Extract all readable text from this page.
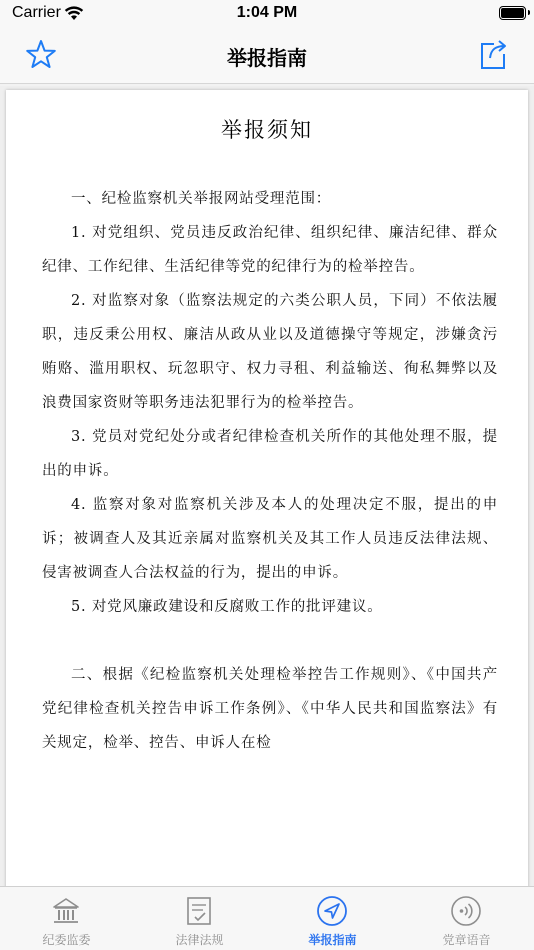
Carrier	1:04 PM
举报指南
举报须知

一、纪检监察机关举报网站受理范围：

1. 对党组织、党员违反政治纪律、组织纪律、廉洁纪律、群众纪律、工作纪律、生活纪律等党的纪律行为的检举控告。

2. 对监察对象（监察法规定的六类公职人员，下同）不依法履职，违反秉公用权、廉洁从政从业以及道德操守等规定，涉嫌贪污贿赂、滥用职权、玩忽职守、权力寻租、利益输送、徇私舞弊以及浪费国家资财等职务违法犯罪行为的检举控告。

3. 党员对党纪处分或者纪律检查机关所作的其他处理不服，提出的申诉。

4. 监察对象对监察机关涉及本人的处理决定不服，提出的申诉；被调查人及其近亲属对监察机关及其工作人员违反法律法规、侵害被调查人合法权益的行为，提出的申诉。

5. 对党风廉政建设和反腐败工作的批评建议。

二、根据《纪检监察机关处理检举控告工作规则》、《中国共产党纪律检查机关控告申诉工作条例》、《中华人民共和国监察法》有关规定，检举、控告、申诉人在检

纪委监委	法律法规	举报指南	党章语音
